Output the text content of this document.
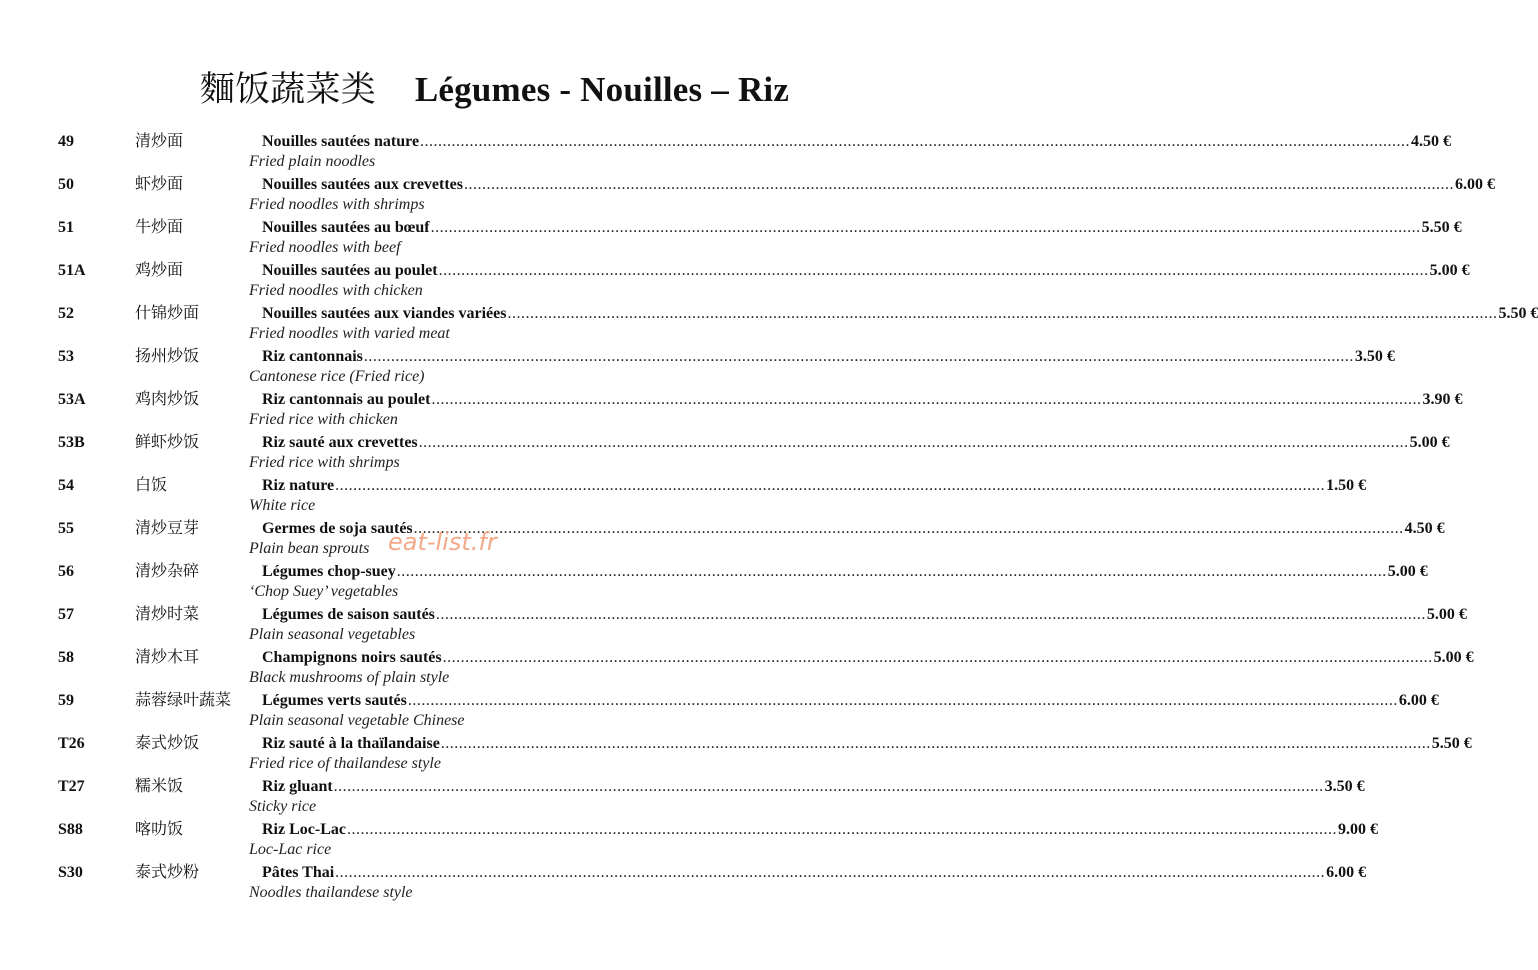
麵饭蔬菜类 Légumes - Nouilles – Riz
49	清炒面	Nouilles sautées nature ............................................................................................................................................................................................................................ 4.50 €
Fried plain noodles
50	虾炒面	Nouilles sautées aux crevettes ............................................................................................................................................................................................................................ 6.00 €
Fried noodles with shrimps
51	牛炒面	Nouilles sautées au bœuf ............................................................................................................................................................................................................................ 5.50 €
Fried noodles with beef
51A	鸡炒面	Nouilles sautées au poulet ............................................................................................................................................................................................................................ 5.00 €
Fried noodles with chicken
52	什锦炒面	Nouilles sautées aux viandes variées ............................................................................................................................................................................................................................ 5.50 €
Fried noodles with varied meat
53	扬州炒饭	Riz cantonnais ............................................................................................................................................................................................................................ 3.50 €
Cantonese rice (Fried rice)
53A	鸡肉炒饭	Riz cantonnais au poulet ............................................................................................................................................................................................................................ 3.90 €
Fried rice with chicken
53B	鲜虾炒饭	Riz sauté aux crevettes ............................................................................................................................................................................................................................ 5.00 €
Fried rice with shrimps
54	白饭	Riz nature ............................................................................................................................................................................................................................ 1.50 €
White rice
55	清炒豆芽	Germes de soja sautés ............................................................................................................................................................................................................................ 4.50 €
Plain bean sprouts
56	清炒杂碎	Légumes chop-suey ............................................................................................................................................................................................................................ 5.00 €
‘Chop Suey’ vegetables
57	清炒时菜	Légumes de saison sautés ............................................................................................................................................................................................................................ 5.00 €
Plain seasonal vegetables
58	清炒木耳	Champignons noirs sautés ............................................................................................................................................................................................................................ 5.00 €
Black mushrooms of plain style
59	蒜蓉绿叶蔬菜 Légumes verts sautés ............................................................................................................................................................................................................................ 6.00 €
Plain seasonal vegetable Chinese
T26	泰式炒饭	Riz sauté à la thaïlandaise ............................................................................................................................................................................................................................ 5.50 €
Fried rice of thailandese style
T27	糯米饭	Riz gluant ............................................................................................................................................................................................................................ 3.50 €
Sticky rice
S88	喀叻饭	Riz Loc-Lac ............................................................................................................................................................................................................................ 9.00 €
Loc-Lac rice
S30	泰式炒粉	Pâtes Thai ............................................................................................................................................................................................................................ 6.00 €
Noodles thailandese style
eat-list.fr
